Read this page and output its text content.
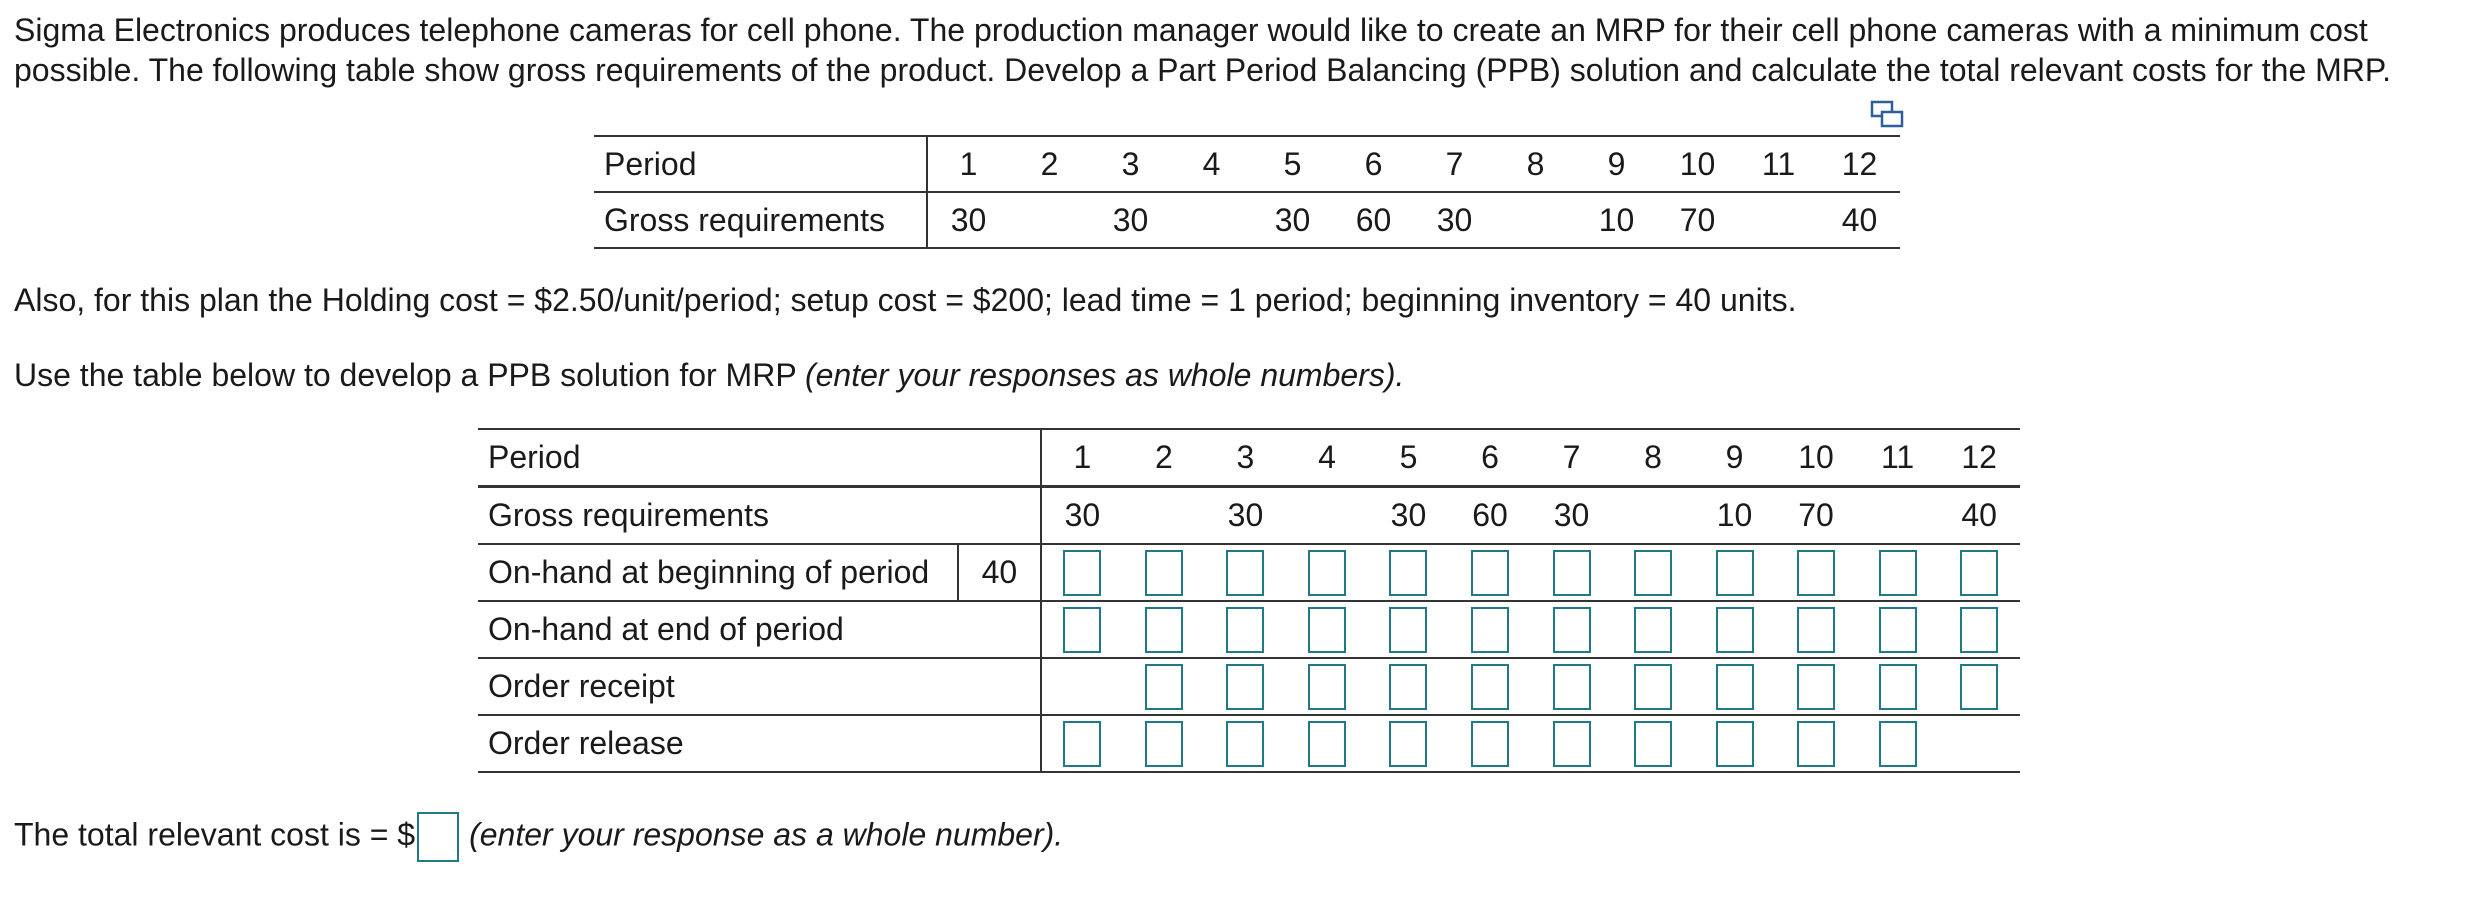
Sigma Electronics produces telephone cameras for cell phone. The production manager would like to create an MRP for their cell phone cameras with a minimum cost possible. The following table show gross requirements of the product. Develop a Part Period Balancing (PPB) solution and calculate the total relevant costs for the MRP.

Period	1	2	3	4	5	6	7	8	9	10	11	12
Gross requirements	30		30		30	60	30		10	70		40

Also, for this plan the Holding cost = $2.50/unit/period; setup cost = $200; lead time = 1 period; beginning inventory = 40 units.

Use the table below to develop a PPB solution for MRP (enter your responses as whole numbers).

Period		1	2	3	4	5	6	7	8	9	10	11	12
Gross requirements		30		30		30	60	30		10	70		40
On-hand at beginning of period	40												
On-hand at end of period													
Order receipt													
Order release													

The total relevant cost is = $ (enter your response as a whole number).
